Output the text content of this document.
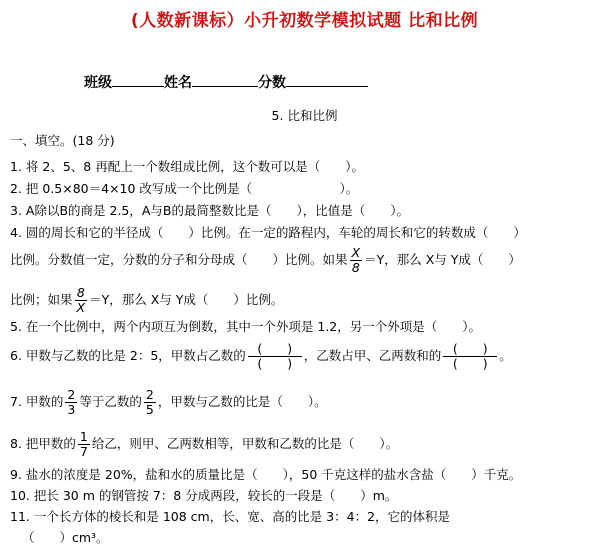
(人数新课标）小升初数学模拟试题 比和比例
班级	姓名	分数
5. 比和比例
一、填空。(18 分)
1. 将 2、5、8 再配上一个数组成比例，这个数可以是（　　）。
2. 把 0.5×80＝4×10 改写成一个比例是（　　　　　　　）。
3. A除以B的商是 2.5，A与B的最简整数比是（　　），比值是（　　）。
4. 圆的周长和它的半径成（　　）比例。在一定的路程内，车轮的周长和它的转数成（　　）
比例。分数值一定，分数的分子和分母成（　　）比例。如果 $\frac{X}{8} =Y$，那么 X与 Y成（　　）
比例；如果 $\frac{8}{X} =Y$，那么 X与 Y成（　　）比例。
5. 在一个比例中，两个内项互为倒数，其中一个外项是 1.2，另一个外项是（　　）。
6. 甲数与乙数的比是 2：5，甲数占乙数的 $\frac{( )}{( )}$ ，乙数占甲、乙两数和的 $\frac{( )}{( )}$ 。
7. 甲数的 $\frac{2}{3}$ 等于乙数的 $\frac{2}{5}$ ，甲数与乙数的比是（　　）。
8. 把甲数的 $\frac{1}{7}$ 给乙，则甲、乙两数相等，甲数和乙数的比是（　　）。
9. 盐水的浓度是 20%，盐和水的质量比是（　　），50 千克这样的盐水含盐（　　）千克。
10. 把长 30 m 的钢管按 7：8 分成两段，较长的一段是（　　）m。
11. 一个长方体的棱长和是 108 cm，长、宽、高的比是 3：4：2，它的体积是
（　　）cm³。
